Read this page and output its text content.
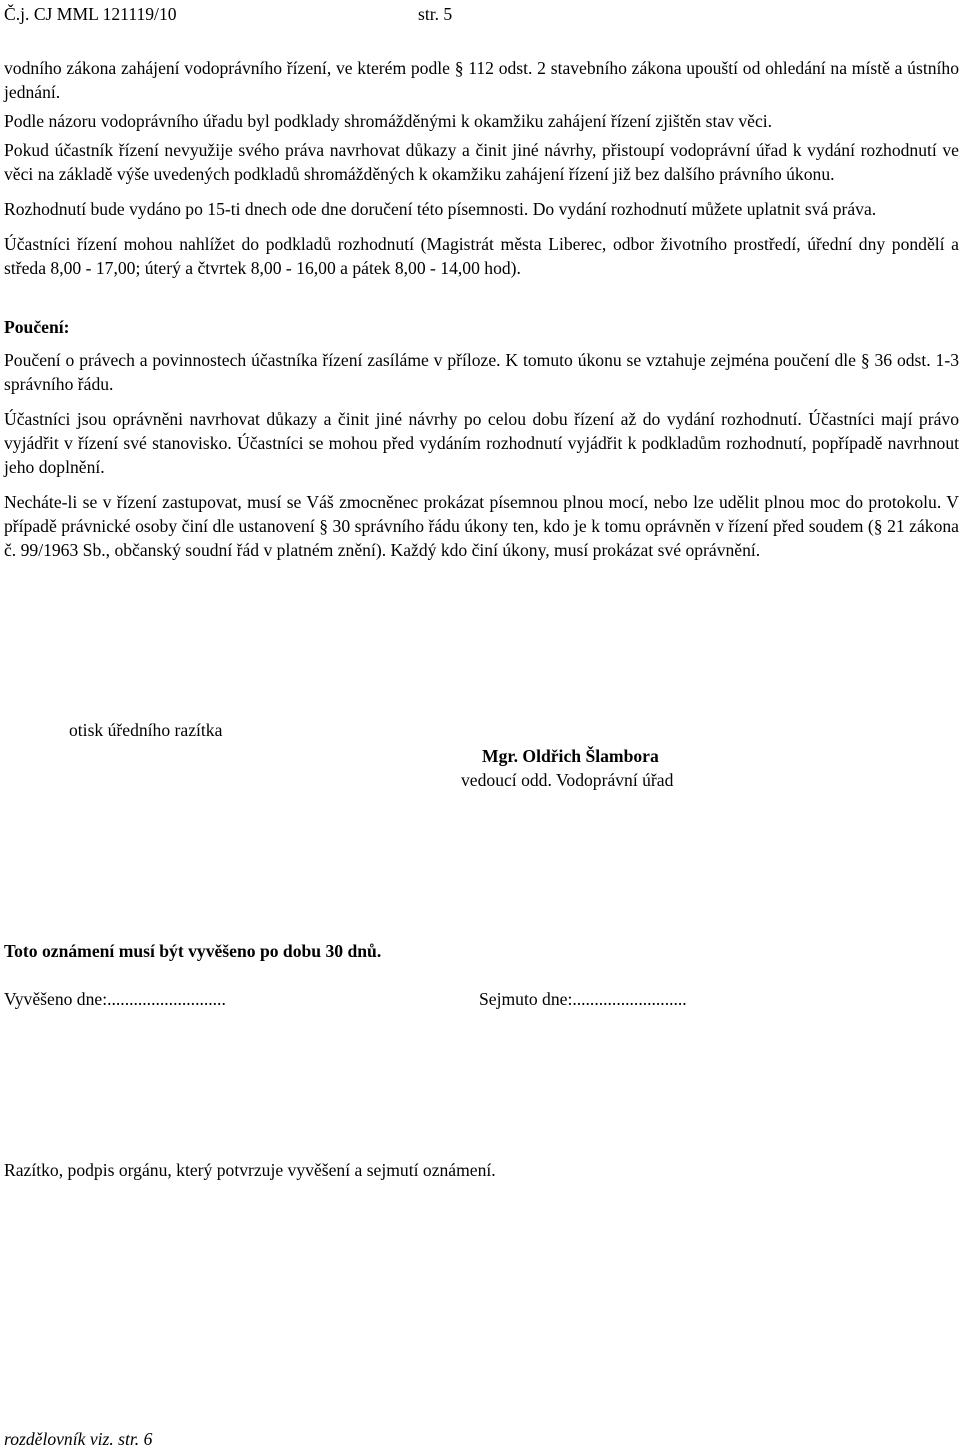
Č.j. CJ MML 121119/10	str. 5

vodního zákona zahájení vodoprávního řízení, ve kterém podle § 112 odst. 2 stavebního zákona upouští od ohledání na místě a ústního jednání.

Podle názoru vodoprávního úřadu byl podklady shromážděnými k okamžiku zahájení řízení zjištěn stav věci.

Pokud účastník řízení nevyužije svého práva navrhovat důkazy a činit jiné návrhy, přistoupí vodoprávní úřad k vydání rozhodnutí ve věci na základě výše uvedených podkladů shromážděných k okamžiku zahájení řízení již bez dalšího právního úkonu.

Rozhodnutí bude vydáno po 15-ti dnech ode dne doručení této písemnosti. Do vydání rozhodnutí můžete uplatnit svá práva.

Účastníci řízení mohou nahlížet do podkladů rozhodnutí (Magistrát města Liberec, odbor životního prostředí, úřední dny pondělí a středa 8,00 - 17,00; úterý a čtvrtek 8,00 - 16,00 a pátek 8,00 - 14,00 hod).

Poučení:

Poučení o právech a povinnostech účastníka řízení zasíláme v příloze. K tomuto úkonu se vztahuje zejména poučení dle § 36 odst. 1-3 správního řádu.

Účastníci jsou oprávněni navrhovat důkazy a činit jiné návrhy po celou dobu řízení až do vydání rozhodnutí. Účastníci mají právo vyjádřit v řízení své stanovisko. Účastníci se mohou před vydáním rozhodnutí vyjádřit k podkladům rozhodnutí, popřípadě navrhnout jeho doplnění.

Necháte-li se v řízení zastupovat, musí se Váš zmocněnec prokázat písemnou plnou mocí, nebo lze udělit plnou moc do protokolu. V případě právnické osoby činí dle ustanovení § 30 správního řádu úkony ten, kdo je k tomu oprávněn v řízení před soudem (§ 21 zákona č. 99/1963 Sb., občanský soudní řád v platném znění). Každý kdo činí úkony, musí prokázat své oprávnění.

otisk úředního razítka
Mgr. Oldřich Šlambora
vedoucí odd. Vodoprávní úřad
Toto oznámení musí být vyvěšeno po dobu 30 dnů.
Vyvěšeno dne:...........................	Sejmuto dne:..........................
Razítko, podpis orgánu, který potvrzuje vyvěšení a sejmutí oznámení.
rozdělovník viz. str. 6
